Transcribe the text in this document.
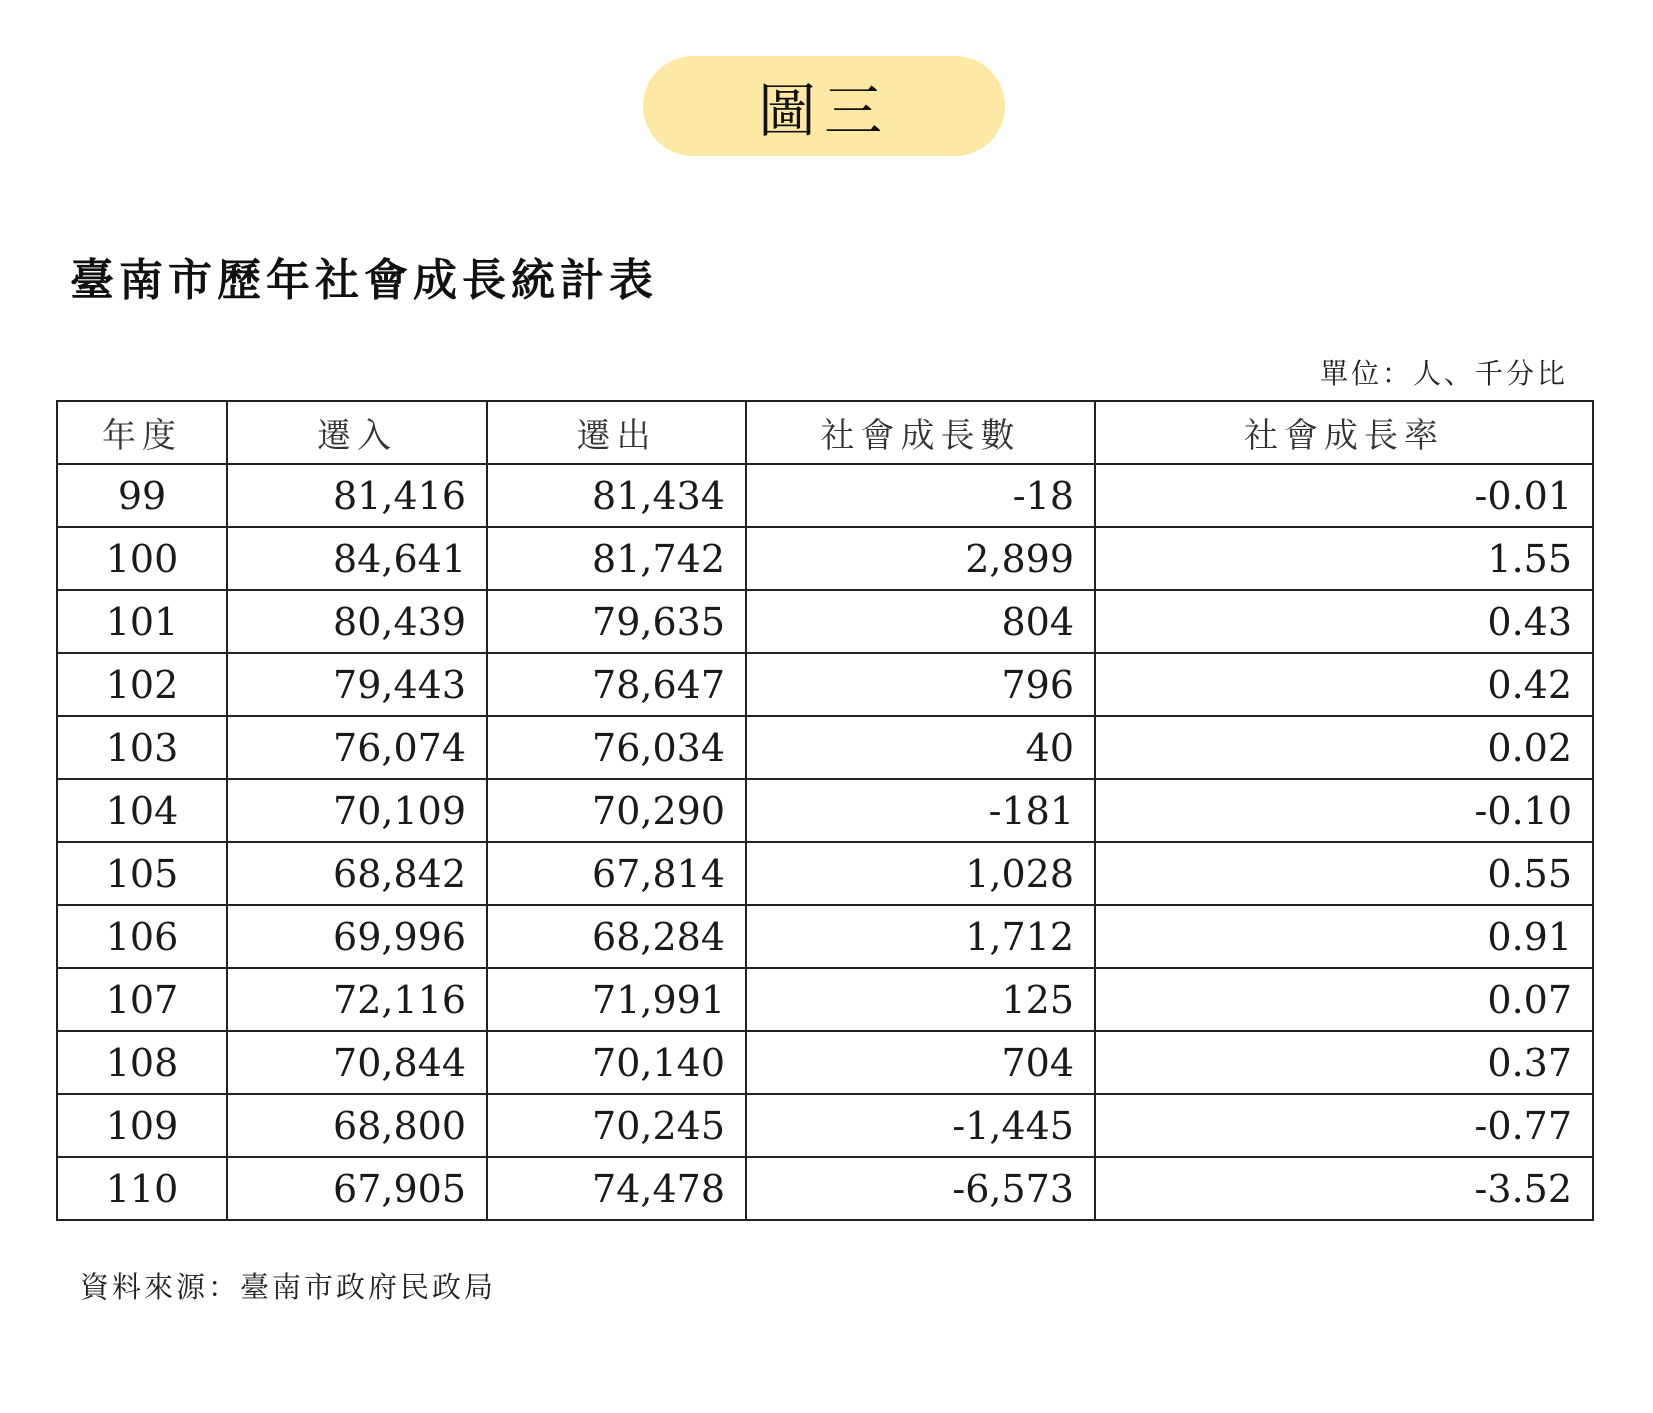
圖三
臺南市歷年社會成長統計表
單位：人、千分比
年度	遷入	遷出	社會成長數	社會成長率
99	81,416	81,434	-18	-0.01
100	84,641	81,742	2,899	1.55
101	80,439	79,635	804	0.43
102	79,443	78,647	796	0.42
103	76,074	76,034	40	0.02
104	70,109	70,290	-181	-0.10
105	68,842	67,814	1,028	0.55
106	69,996	68,284	1,712	0.91
107	72,116	71,991	125	0.07
108	70,844	70,140	704	0.37
109	68,800	70,245	-1,445	-0.77
110	67,905	74,478	-6,573	-3.52
資料來源：臺南市政府民政局
